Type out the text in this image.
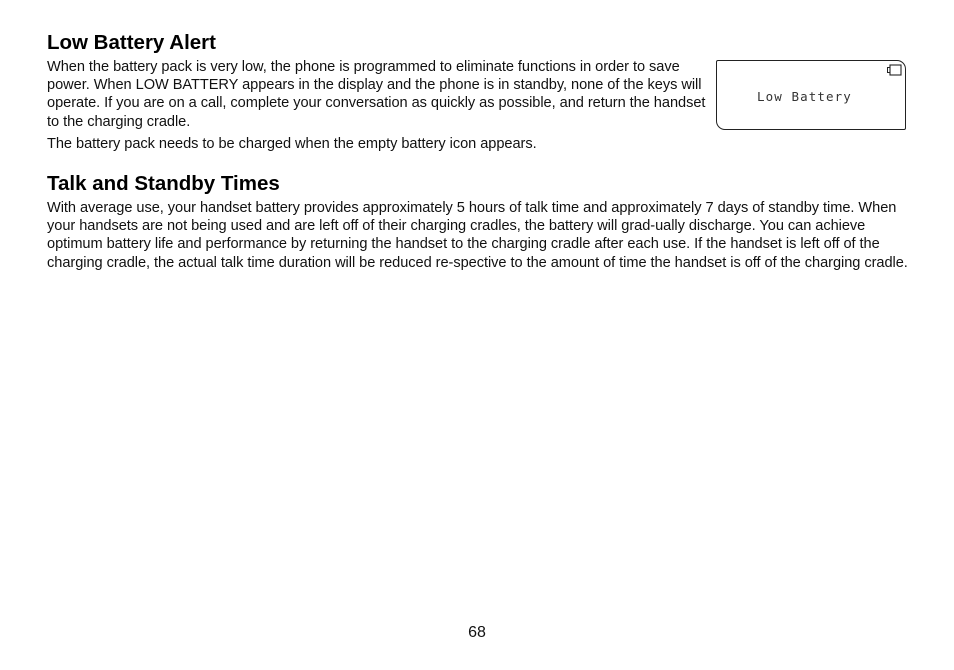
Low Battery Alert

When the battery pack is very low, the phone is programmed to eliminate functions in order to save power. When LOW BATTERY appears in the display and the phone is in standby, none of the keys will operate. If you are on a call, complete your conversation as quickly as possible, and return the handset to the charging cradle.

The battery pack needs to be charged when the empty battery icon appears.

Low Battery
Talk and Standby Times

With average use, your handset battery provides approximately 5 hours of talk time and approximately 7 days of standby time. When your handsets are not being used and are left off of their charging cradles, the battery will grad-ually discharge. You can achieve optimum battery life and performance by returning the handset to the charging cradle after each use. If the handset is left off of the charging cradle, the actual talk time duration will be reduced re-spective to the amount of time the handset is off of the charging cradle.

68
